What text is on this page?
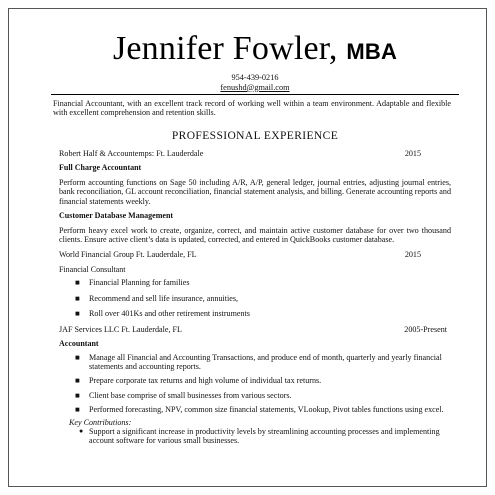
Jennifer Fowler, MBA
954-439-0216
fenushd@gmail.com
Financial Accountant, with an excellent track record of working well within a team environment. Adaptable and flexible with excellent comprehension and retention skills.
PROFESSIONAL EXPERIENCE
Robert Half & Accountemps: Ft. Lauderdale	2015
Full Charge Accountant
Perform accounting functions on Sage 50 including A/R, A/P, general ledger, journal entries, adjusting journal entries, bank reconciliation, GL account reconciliation, financial statement analysis, and billing. Generate accounting reports and financial statements weekly.
Customer Database Management
Perform heavy excel work to create, organize, correct, and maintain active customer database for over two thousand clients. Ensure active client’s data is updated, corrected, and entered in QuickBooks customer database.
World Financial Group Ft. Lauderdale, FL	2015
Financial Consultant
■ Financial Planning for families
■ Recommend and sell life insurance, annuities,
■ Roll over 401Ks and other retirement instruments
JAF Services LLC Ft. Lauderdale, FL	2005-Present
Accountant
■ Manage all Financial and Accounting Transactions, and produce end of month, quarterly and yearly financial statements and accounting reports.
■ Prepare corporate tax returns and high volume of individual tax returns.
■ Client base comprise of small businesses from various sectors.
■ Performed forecasting, NPV, common size financial statements, VLookup, Pivot tables functions using excel.
Key Contributions:
● Support a significant increase in productivity levels by streamlining accounting processes and implementing account software for various small businesses.
